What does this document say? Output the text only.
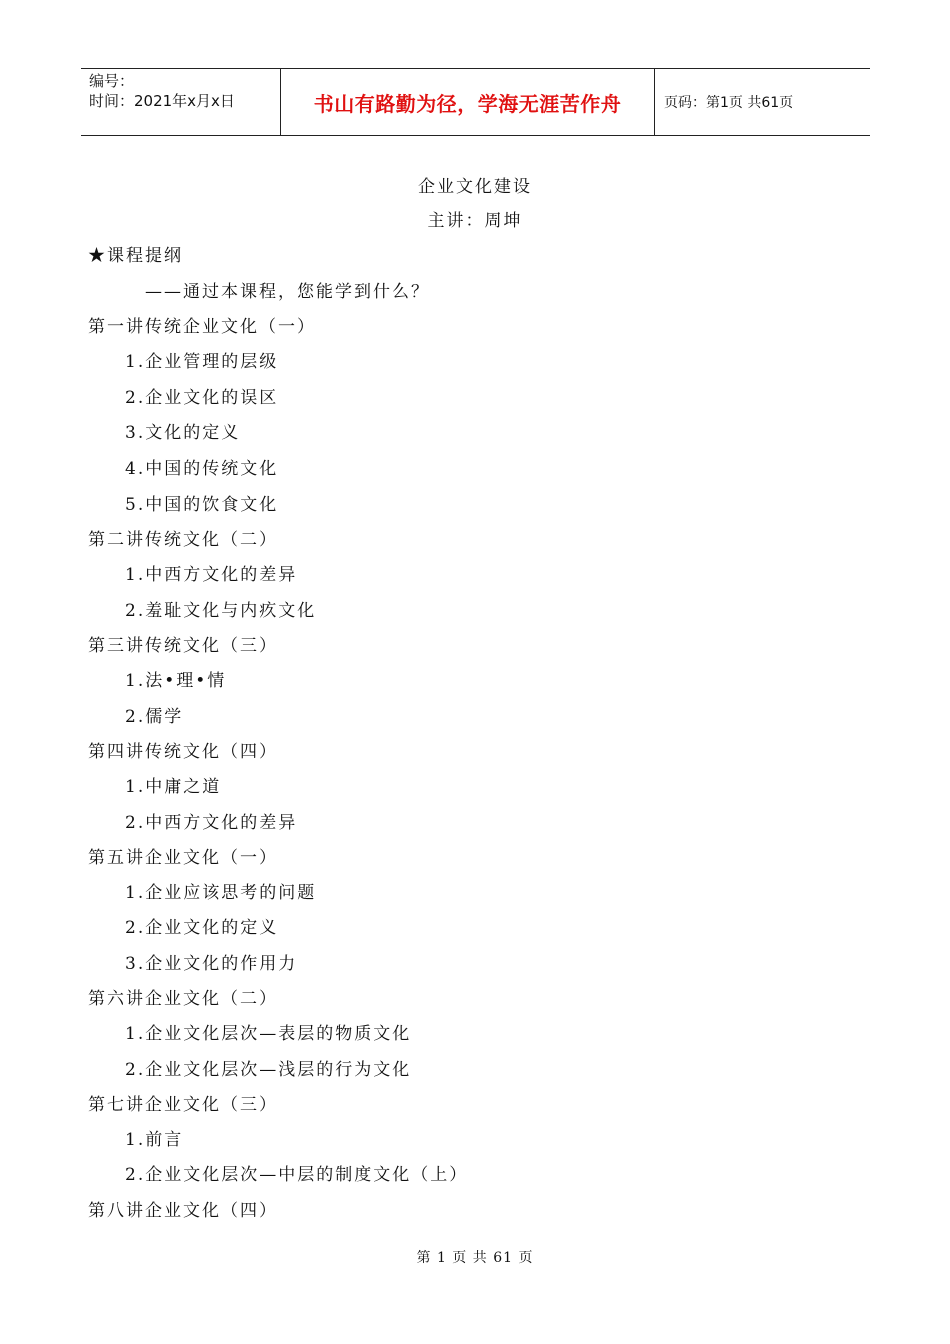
编号：
时间：2021年x月x日	书山有路勤为径，学海无涯苦作舟	页码：第1页 共61页
企业文化建设
主讲：周坤
★课程提纲
——通过本课程，您能学到什么？
第一讲传统企业文化（一）
1.企业管理的层级
2.企业文化的误区
3.文化的定义
4.中国的传统文化
5.中国的饮食文化
第二讲传统文化（二）
1.中西方文化的差异
2.羞耻文化与内疚文化
第三讲传统文化（三）
1.法•理•情
2.儒学
第四讲传统文化（四）
1.中庸之道
2.中西方文化的差异
第五讲企业文化（一）
1.企业应该思考的问题
2.企业文化的定义
3.企业文化的作用力
第六讲企业文化（二）
1.企业文化层次—表层的物质文化
2.企业文化层次—浅层的行为文化
第七讲企业文化（三）
1.前言
2.企业文化层次—中层的制度文化（上）
第八讲企业文化（四）
第 1 页 共 61 页
